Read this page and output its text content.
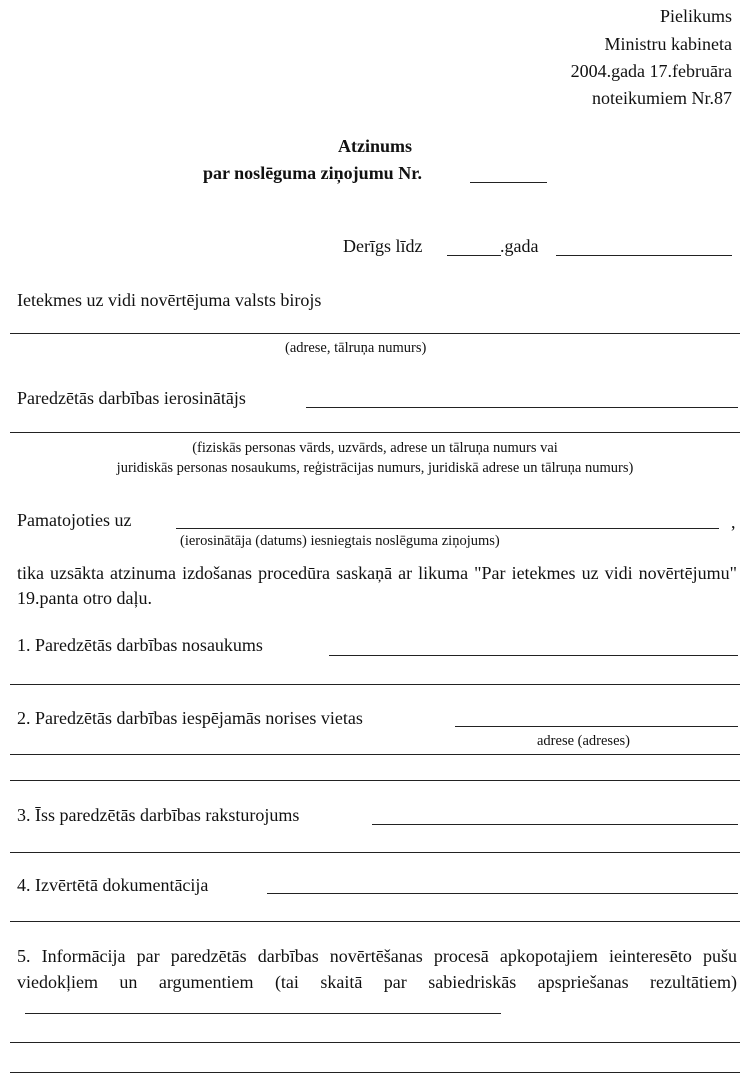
Pielikums
Ministru kabineta
2004.gada 17.februāra
noteikumiem Nr.87
Atzinums
par noslēguma ziņojumu Nr.
Derīgs līdz	.gada
Ietekmes uz vidi novērtējuma valsts birojs
(adrese, tālruņa numurs)
Paredzētās darbības ierosinātājs
(fiziskās personas vārds, uzvārds, adrese un tālruņa numurs vai
juridiskās personas nosaukums, reģistrācijas numurs, juridiskā adrese un tālruņa numurs)
Pamatojoties uz	,
(ierosinātāja (datums) iesniegtais noslēguma ziņojums)
tika uzsākta atzinuma izdošanas procedūra saskaņā ar likuma "Par ietekmes uz vidi novērtējumu" 19.panta otro daļu.
1. Paredzētās darbības nosaukums
2. Paredzētās darbības iespējamās norises vietas
adrese (adreses)
3. Īss paredzētās darbības raksturojums
4. Izvērtētā dokumentācija
5. Informācija par paredzētās darbības novērtēšanas procesā apkopotajiem ieinteresēto pušu viedokļiem un argumentiem (tai skaitā par sabiedriskās apspriešanas rezultātiem)
